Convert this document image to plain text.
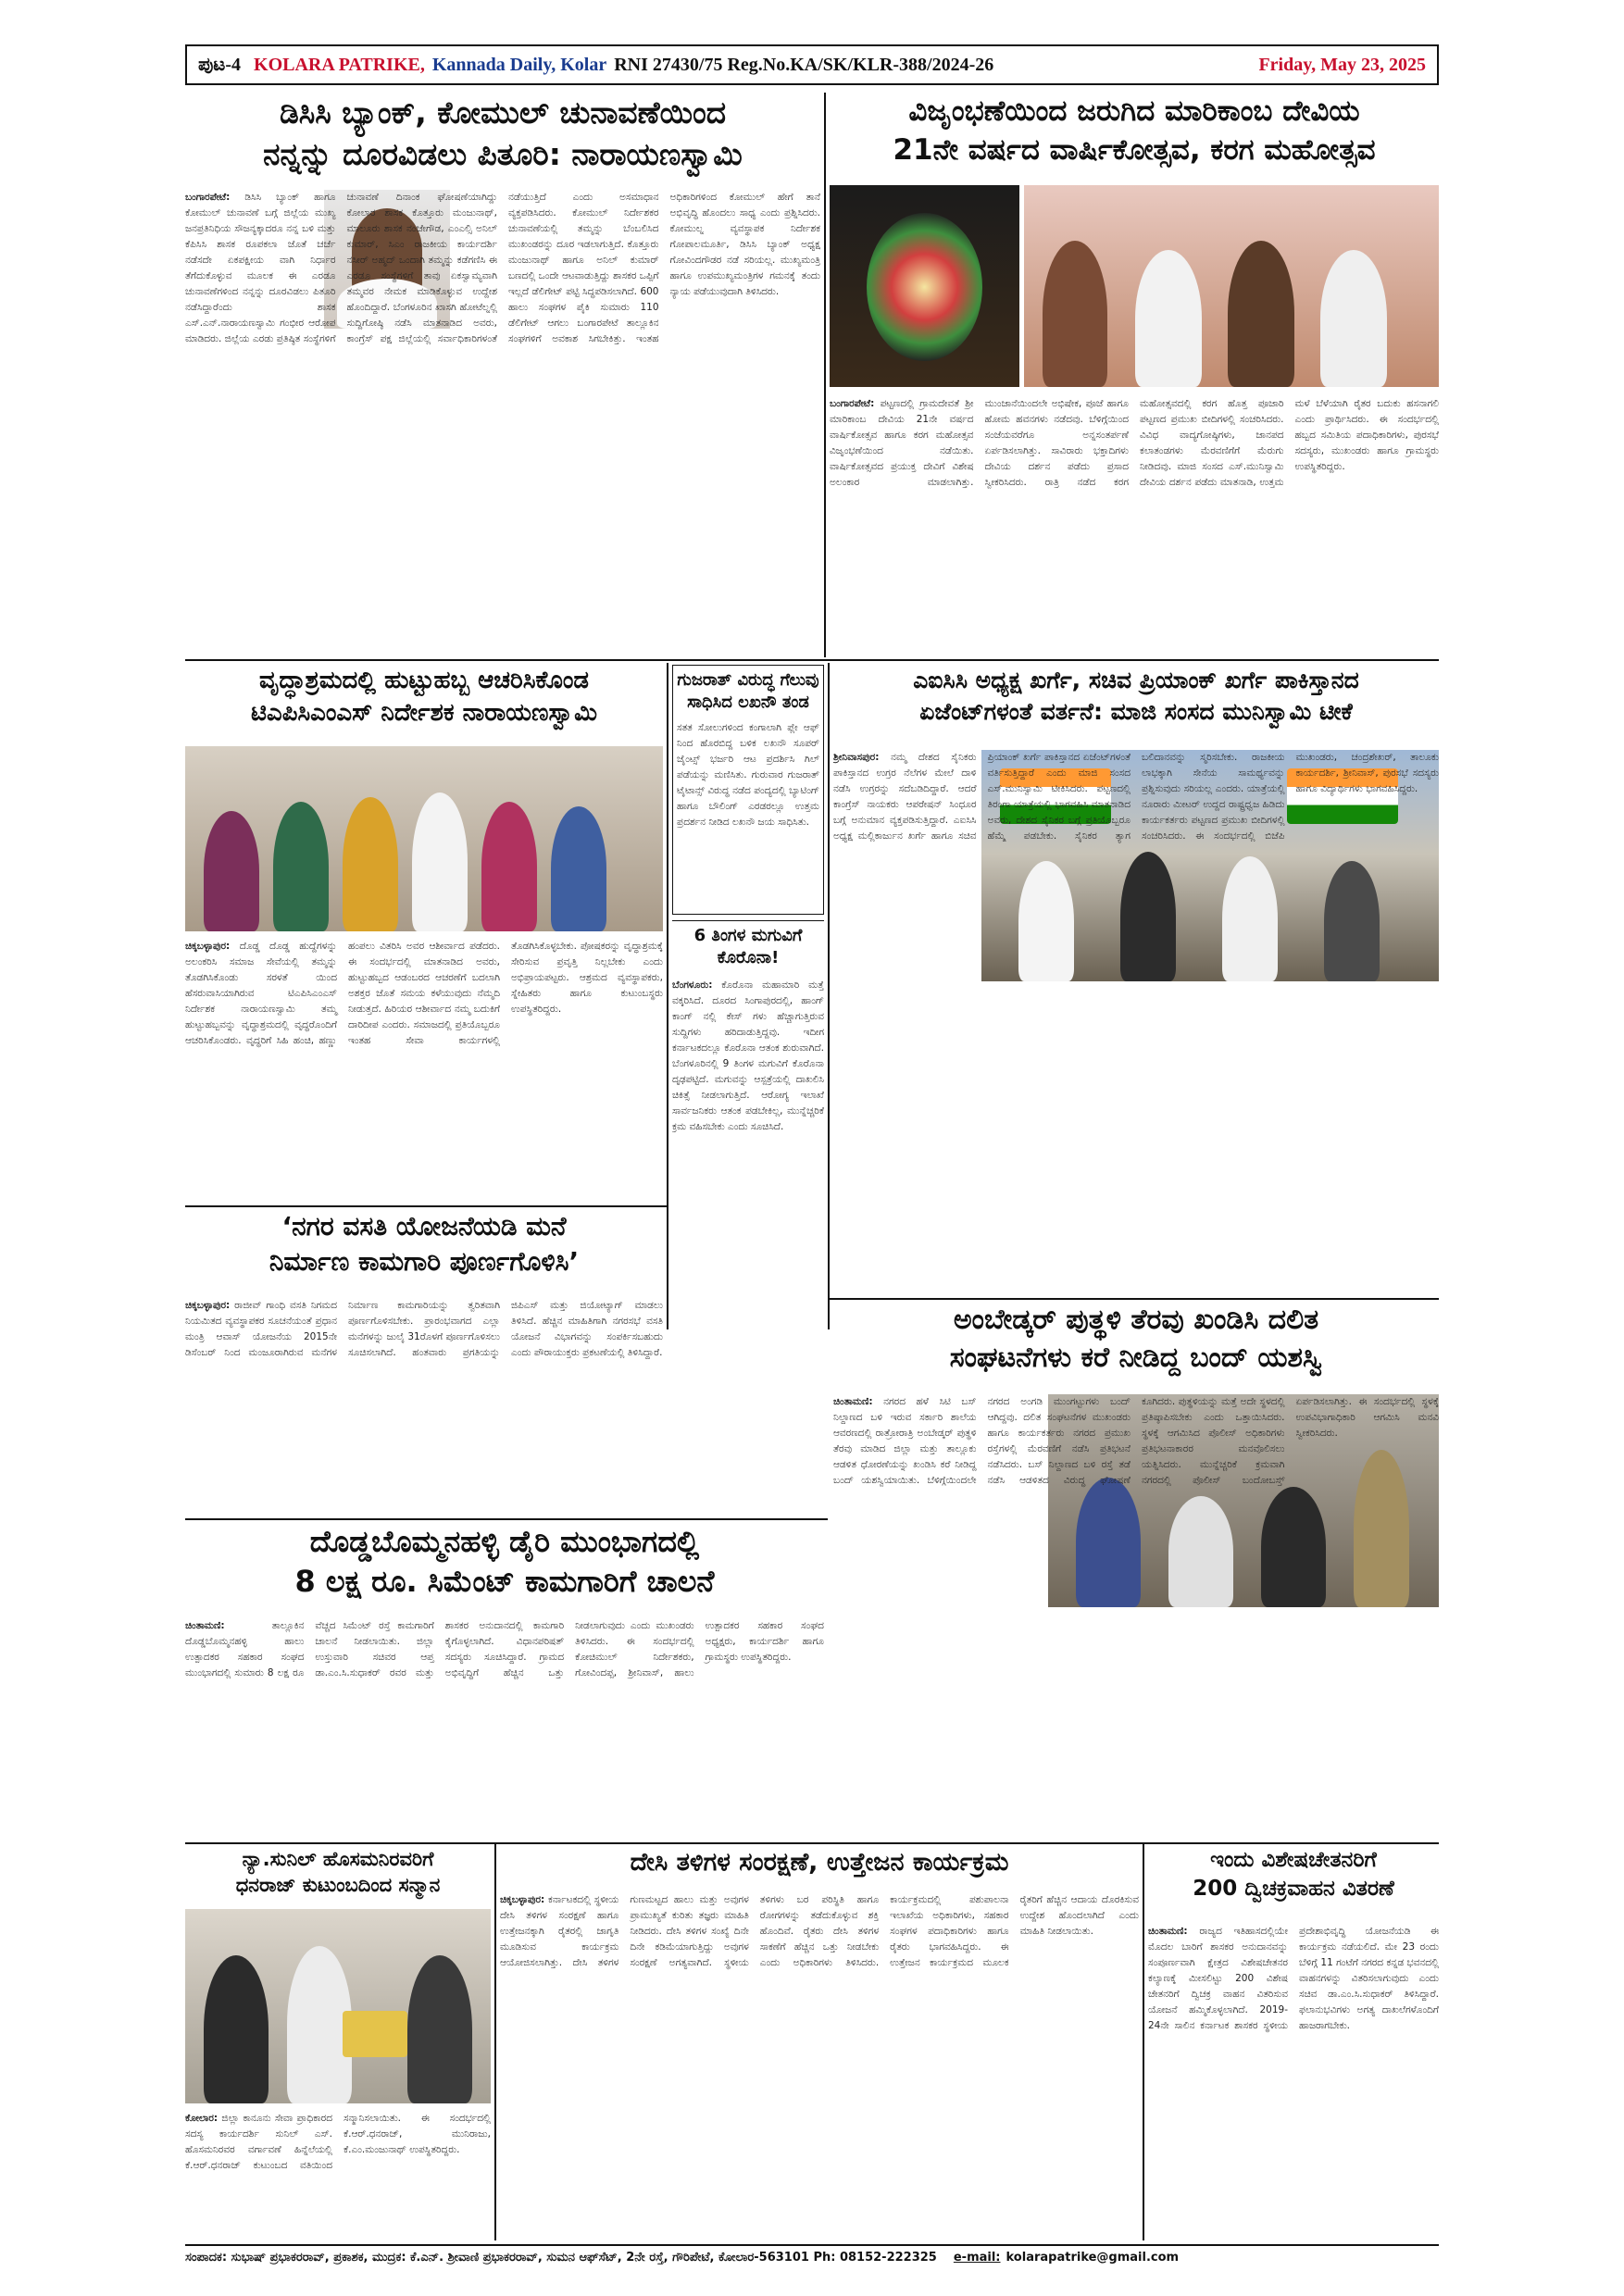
ಪುಟ-4 KOLARA PATRIKE, Kannada Daily, Kolar RNI 27430/75 Reg.No.KA/SK/KLR-388/2024-26	Friday, May 23, 2025
ಡಿಸಿಸಿ ಬ್ಯಾಂಕ್, ಕೋಮುಲ್ ಚುನಾವಣೆಯಿಂದ
ನನ್ನನ್ನು ದೂರವಿಡಲು ಪಿತೂರಿ: ನಾರಾಯಣಸ್ವಾಮಿ
ಬಂಗಾರಪೇಟೆ: ಡಿಸಿಸಿ ಬ್ಯಾಂಕ್ ಹಾಗೂ ಕೋಮುಲ್ ಚುನಾವಣೆ ಬಗ್ಗೆ ಜಿಲ್ಲೆಯ ಮುಖ್ಯ ಜನಪ್ರತಿನಿಧಿಯ ಸೌಜನ್ಯಕ್ಕಾದರೂ ನನ್ನ ಬಳಿ ಮತ್ತು ಕೆಪಿಸಿಸಿ ಶಾಸಕ ರೂಪಕಲಾ ಜೊತೆ ಚರ್ಚೆ ನಡೆಸದೇ ಏಕಪಕ್ಷೀಯ ವಾಗಿ ನಿರ್ಧಾರ ತೆಗೆದುಕೊಳ್ಳುವ ಮೂಲಕ ಈ ಎರಡೂ ಚುನಾವಣೆಗಳಿಂದ ನನ್ನನ್ನು ದೂರವಿಡಲು ಪಿತೂರಿ ನಡೆಸಿದ್ದಾರೆಂದು ಶಾಸಕ ಎಸ್.ಎನ್.ನಾರಾಯಣಸ್ವಾಮಿ ಗಂಭೀರ ಆರೋಪ ಮಾಡಿದರು. ಜಿಲ್ಲೆಯ ಎರಡು ಪ್ರತಿಷ್ಠಿತ ಸಂಸ್ಥೆಗಳಿಗೆ ಚುನಾವಣೆ ದಿನಾಂಕ ಘೋಷಣೆಯಾಗಿದ್ದು ಕೋಲಾರ ಶಾಸಕ ಕೊತ್ತೂರು ಮಂಜುನಾಥ್, ಮಾಲೂರು ಶಾಸಕ ನಂಜೇಗೌಡ, ಎಂಎಲ್ಸಿ ಅನಿಲ್ ಕುಮಾರ್, ಸಿಎಂ ರಾಜಕೀಯ ಕಾರ್ಯದರ್ಶಿ ನಸೀರ್ ಅಹ್ಮದ್ ಒಂದಾಗಿ ತಮ್ಮನ್ನು ಕಡೆಗಣಿಸಿ ಈ ಎರಡೂ ಸಂಸ್ಥೆಗಳಿಗೆ ತಾವು ಏಕಸ್ವಾಮ್ಯವಾಗಿ ತಮ್ಮವರ ನೇಮಕ ಮಾಡಿಕೊಳ್ಳುವ ಉದ್ದೇಶ ಹೊಂದಿದ್ದಾರೆ. ಬೆಂಗಳೂರಿನ ಖಾಸಗಿ ಹೋಟೆಲ್ನಲ್ಲಿ ಸುದ್ದಿಗೋಷ್ಠಿ ನಡೆಸಿ ಮಾತನಾಡಿದ ಅವರು, ಕಾಂಗ್ರೆಸ್ ಪಕ್ಷ ಜಿಲ್ಲೆಯಲ್ಲಿ ಸರ್ವಾಧಿಕಾರಿಗಳಂತೆ ನಡೆಯುತ್ತಿದೆ ಎಂದು ಅಸಮಾಧಾನ ವ್ಯಕ್ತಪಡಿಸಿದರು. ಕೋಮುಲ್ ನಿರ್ದೇಶಕರ ಚುನಾವಣೆಯಲ್ಲಿ ತಮ್ಮನ್ನು ಬೆಂಬಲಿಸಿದ ಮುಖಂಡರನ್ನು ದೂರ ಇಡಲಾಗುತ್ತಿದೆ. ಕೊತ್ತೂರು ಮಂಜುನಾಥ್ ಹಾಗೂ ಅನಿಲ್ ಕುಮಾರ್ ಬಣದಲ್ಲಿ ಒಂದೇ ಆಟವಾಡುತ್ತಿದ್ದು ಶಾಸಕರ ಒಪ್ಪಿಗೆ ಇಲ್ಲದೆ ಡೆಲಿಗೇಟ್ ಪಟ್ಟಿ ಸಿದ್ಧಪಡಿಸಲಾಗಿದೆ. 600 ಹಾಲು ಸಂಘಗಳ ಪೈಕಿ ಸುಮಾರು 110 ಡೆಲಿಗೇಟ್ ಆಗಲು ಬಂಗಾರಪೇಟೆ ತಾಲ್ಲೂಕಿನ ಸಂಘಗಳಿಗೆ ಅವಕಾಶ ಸಿಗಬೇಕಿತ್ತು. ಇಂತಹ ಅಧಿಕಾರಿಗಳಿಂದ ಕೋಮುಲ್ ಹೇಗೆ ತಾನೆ ಅಭಿವೃದ್ಧಿ ಹೊಂದಲು ಸಾಧ್ಯ ಎಂದು ಪ್ರಶ್ನಿಸಿದರು. ಕೋಮುಲ್ನ ವ್ಯವಸ್ಥಾಪಕ ನಿರ್ದೇಶಕ ಗೋಪಾಲಮೂರ್ತಿ, ಡಿಸಿಸಿ ಬ್ಯಾಂಕ್ ಅಧ್ಯಕ್ಷ ಗೋವಿಂದಗೌಡರ ನಡೆ ಸರಿಯಲ್ಲ. ಮುಖ್ಯಮಂತ್ರಿ ಹಾಗೂ ಉಪಮುಖ್ಯಮಂತ್ರಿಗಳ ಗಮನಕ್ಕೆ ತಂದು ನ್ಯಾಯ ಪಡೆಯುವುದಾಗಿ ತಿಳಿಸಿದರು.
ವಿಜೃಂಭಣೆಯಿಂದ ಜರುಗಿದ ಮಾರಿಕಾಂಬ ದೇವಿಯ
21ನೇ ವರ್ಷದ ವಾರ್ಷಿಕೋತ್ಸವ, ಕರಗ ಮಹೋತ್ಸವ
ಬಂಗಾರಪೇಟೆ: ಪಟ್ಟಣದಲ್ಲಿ ಗ್ರಾಮದೇವತೆ ಶ್ರೀ ಮಾರಿಕಾಂಬ ದೇವಿಯ 21ನೇ ವರ್ಷದ ವಾರ್ಷಿಕೋತ್ಸವ ಹಾಗೂ ಕರಗ ಮಹೋತ್ಸವ ವಿಜೃಂಭಣೆಯಿಂದ ನಡೆಯಿತು. ವಾರ್ಷಿಕೋತ್ಸವದ ಪ್ರಯುಕ್ತ ದೇವಿಗೆ ವಿಶೇಷ ಅಲಂಕಾರ ಮಾಡಲಾಗಿತ್ತು. ಮುಂಜಾನೆಯಿಂದಲೇ ಅಭಿಷೇಕ, ಪೂಜೆ ಹಾಗೂ ಹೋಮ ಹವನಗಳು ನಡೆದವು. ಬೆಳಿಗ್ಗೆಯಿಂದ ಸಂಜೆಯವರೆಗೂ ಅನ್ನಸಂತರ್ಪಣೆ ಏರ್ಪಡಿಸಲಾಗಿತ್ತು. ಸಾವಿರಾರು ಭಕ್ತಾದಿಗಳು ದೇವಿಯ ದರ್ಶನ ಪಡೆದು ಪ್ರಸಾದ ಸ್ವೀಕರಿಸಿದರು. ರಾತ್ರಿ ನಡೆದ ಕರಗ ಮಹೋತ್ಸವದಲ್ಲಿ ಕರಗ ಹೊತ್ತ ಪೂಜಾರಿ ಪಟ್ಟಣದ ಪ್ರಮುಖ ಬೀದಿಗಳಲ್ಲಿ ಸಂಚರಿಸಿದರು. ವಿವಿಧ ವಾದ್ಯಗೋಷ್ಠಿಗಳು, ಜಾನಪದ ಕಲಾತಂಡಗಳು ಮೆರವಣಿಗೆಗೆ ಮೆರುಗು ನೀಡಿದವು. ಮಾಜಿ ಸಂಸದ ಎಸ್.ಮುನಿಸ್ವಾಮಿ ದೇವಿಯ ದರ್ಶನ ಪಡೆದು ಮಾತನಾಡಿ, ಉತ್ತಮ ಮಳೆ ಬೆಳೆಯಾಗಿ ರೈತರ ಬದುಕು ಹಸನಾಗಲಿ ಎಂದು ಪ್ರಾರ್ಥಿಸಿದರು. ಈ ಸಂದರ್ಭದಲ್ಲಿ ಹಬ್ಬದ ಸಮಿತಿಯ ಪದಾಧಿಕಾರಿಗಳು, ಪುರಸಭೆ ಸದಸ್ಯರು, ಮುಖಂಡರು ಹಾಗೂ ಗ್ರಾಮಸ್ಥರು ಉಪಸ್ಥಿತರಿದ್ದರು.
ವೃದ್ಧಾಶ್ರಮದಲ್ಲಿ ಹುಟ್ಟುಹಬ್ಬ ಆಚರಿಸಿಕೊಂಡ
ಟಿಎಪಿಸಿಎಂಎಸ್ ನಿರ್ದೇಶಕ ನಾರಾಯಣಸ್ವಾಮಿ
ಚಿಕ್ಕಬಳ್ಳಾಪುರ: ದೊಡ್ಡ ದೊಡ್ಡ ಹುದ್ದೆಗಳನ್ನು ಅಲಂಕರಿಸಿ ಸಮಾಜ ಸೇವೆಯಲ್ಲಿ ತಮ್ಮನ್ನು ತೊಡಗಿಸಿಕೊಂಡು ಸರಳತೆ ಯಿಂದ ಹೆಸರುವಾಸಿಯಾಗಿರುವ ಟಿಎಪಿಸಿಎಂಎಸ್ ನಿರ್ದೇಶಕ ನಾರಾಯಣಸ್ವಾಮಿ ತಮ್ಮ ಹುಟ್ಟುಹಬ್ಬವನ್ನು ವೃದ್ಧಾಶ್ರಮದಲ್ಲಿ ವೃದ್ಧರೊಂದಿಗೆ ಆಚರಿಸಿಕೊಂಡರು. ವೃದ್ಧರಿಗೆ ಸಿಹಿ ಹಂಚಿ, ಹಣ್ಣು ಹಂಪಲು ವಿತರಿಸಿ ಅವರ ಆಶೀರ್ವಾದ ಪಡೆದರು. ಈ ಸಂದರ್ಭದಲ್ಲಿ ಮಾತನಾಡಿದ ಅವರು, ಹುಟ್ಟುಹಬ್ಬದ ಆಡಂಬರದ ಆಚರಣೆಗೆ ಬದಲಾಗಿ ಅಶಕ್ತರ ಜೊತೆ ಸಮಯ ಕಳೆಯುವುದು ನೆಮ್ಮದಿ ನೀಡುತ್ತದೆ. ಹಿರಿಯರ ಆಶೀರ್ವಾದ ನಮ್ಮ ಬದುಕಿಗೆ ದಾರಿದೀಪ ಎಂದರು. ಸಮಾಜದಲ್ಲಿ ಪ್ರತಿಯೊಬ್ಬರೂ ಇಂತಹ ಸೇವಾ ಕಾರ್ಯಗಳಲ್ಲಿ ತೊಡಗಿಸಿಕೊಳ್ಳಬೇಕು. ಪೋಷಕರನ್ನು ವೃದ್ಧಾಶ್ರಮಕ್ಕೆ ಸೇರಿಸುವ ಪ್ರವೃತ್ತಿ ನಿಲ್ಲಬೇಕು ಎಂದು ಅಭಿಪ್ರಾಯಪಟ್ಟರು. ಆಶ್ರಮದ ವ್ಯವಸ್ಥಾಪಕರು, ಸ್ನೇಹಿತರು ಹಾಗೂ ಕುಟುಂಬಸ್ಥರು ಉಪಸ್ಥಿತರಿದ್ದರು.
ಗುಜರಾತ್ ವಿರುದ್ಧ ಗೆಲುವು ಸಾಧಿಸಿದ ಲಖನೌ ತಂಡ
ಸತತ ಸೋಲುಗಳಿಂದ ಕಂಗಾಲಾಗಿ ಪ್ಲೇ ಆಫ್ ನಿಂದ ಹೊರಬಿದ್ದ ಬಳಿಕ ಲಖನೌ ಸೂಪರ್ ಜೈಂಟ್ಸ್ ಭರ್ಜರಿ ಆಟ ಪ್ರದರ್ಶಿಸಿ ಗಿಲ್ ಪಡೆಯನ್ನು ಮಣಿಸಿತು. ಗುರುವಾರ ಗುಜರಾತ್ ಟೈಟಾನ್ಸ್ ವಿರುದ್ಧ ನಡೆದ ಪಂದ್ಯದಲ್ಲಿ ಬ್ಯಾಟಿಂಗ್ ಹಾಗೂ ಬೌಲಿಂಗ್ ಎರಡರಲ್ಲೂ ಉತ್ತಮ ಪ್ರದರ್ಶನ ನೀಡಿದ ಲಖನೌ ಜಯ ಸಾಧಿಸಿತು.
6 ತಿಂಗಳ ಮಗುವಿಗೆ ಕೊರೊನಾ!
ಬೆಂಗಳೂರು: ಕೊರೊನಾ ಮಹಾಮಾರಿ ಮತ್ತೆ ವಕ್ಕರಿಸಿದೆ. ದೂರದ ಸಿಂಗಾಪುರದಲ್ಲಿ, ಹಾಂಗ್ ಕಾಂಗ್ ನಲ್ಲಿ ಕೇಸ್ ಗಳು ಹೆಚ್ಚಾಗುತ್ತಿರುವ ಸುದ್ದಿಗಳು ಹರಿದಾಡುತ್ತಿದ್ದವು. ಇದೀಗ ಕರ್ನಾಟಕದಲ್ಲೂ ಕೊರೊನಾ ಆತಂಕ ಶುರುವಾಗಿದೆ. ಬೆಂಗಳೂರಿನಲ್ಲಿ 9 ತಿಂಗಳ ಮಗುವಿಗೆ ಕೊರೊನಾ ದೃಢಪಟ್ಟಿದೆ. ಮಗುವನ್ನು ಆಸ್ಪತ್ರೆಯಲ್ಲಿ ದಾಖಲಿಸಿ ಚಿಕಿತ್ಸೆ ನೀಡಲಾಗುತ್ತಿದೆ. ಆರೋಗ್ಯ ಇಲಾಖೆ ಸಾರ್ವಜನಿಕರು ಆತಂಕ ಪಡಬೇಕಿಲ್ಲ, ಮುನ್ನೆಚ್ಚರಿಕೆ ಕ್ರಮ ವಹಿಸಬೇಕು ಎಂದು ಸೂಚಿಸಿದೆ.
ಎಐಸಿಸಿ ಅಧ್ಯಕ್ಷ ಖರ್ಗೆ, ಸಚಿವ ಪ್ರಿಯಾಂಕ್ ಖರ್ಗೆ ಪಾಕಿಸ್ತಾನದ
ಏಜೆಂಟ್‌ಗಳಂತೆ ವರ್ತನೆ: ಮಾಜಿ ಸಂಸದ ಮುನಿಸ್ವಾಮಿ ಟೀಕೆ
ಶ್ರೀನಿವಾಸಪುರ: ನಮ್ಮ ದೇಶದ ಸೈನಿಕರು ಪಾಕಿಸ್ತಾನದ ಉಗ್ರರ ನೆಲೆಗಳ ಮೇಲೆ ದಾಳಿ ನಡೆಸಿ ಉಗ್ರರನ್ನು ಸದೆಬಡಿದಿದ್ದಾರೆ. ಆದರೆ ಕಾಂಗ್ರೆಸ್ ನಾಯಕರು ಆಪರೇಷನ್ ಸಿಂಧೂರ ಬಗ್ಗೆ ಅನುಮಾನ ವ್ಯಕ್ತಪಡಿಸುತ್ತಿದ್ದಾರೆ. ಎಐಸಿಸಿ ಅಧ್ಯಕ್ಷ ಮಲ್ಲಿಕಾರ್ಜುನ ಖರ್ಗೆ ಹಾಗೂ ಸಚಿವ ಪ್ರಿಯಾಂಕ್ ಖರ್ಗೆ ಪಾಕಿಸ್ತಾನದ ಏಜೆಂಟ್‌ಗಳಂತೆ ವರ್ತಿಸುತ್ತಿದ್ದಾರೆ ಎಂದು ಮಾಜಿ ಸಂಸದ ಎಸ್.ಮುನಿಸ್ವಾಮಿ ಟೀಕಿಸಿದರು. ಪಟ್ಟಣದಲ್ಲಿ ತಿರಂಗಾ ಯಾತ್ರೆಯಲ್ಲಿ ಭಾಗವಹಿಸಿ ಮಾತನಾಡಿದ ಅವರು, ದೇಶದ ಸೈನಿಕರ ಬಗ್ಗೆ ಪ್ರತಿಯೊಬ್ಬರೂ ಹೆಮ್ಮೆ ಪಡಬೇಕು. ಸೈನಿಕರ ತ್ಯಾಗ ಬಲಿದಾನವನ್ನು ಸ್ಮರಿಸಬೇಕು. ರಾಜಕೀಯ ಲಾಭಕ್ಕಾಗಿ ಸೇನೆಯ ಸಾಮರ್ಥ್ಯವನ್ನು ಪ್ರಶ್ನಿಸುವುದು ಸರಿಯಲ್ಲ ಎಂದರು. ಯಾತ್ರೆಯಲ್ಲಿ ನೂರಾರು ಮೀಟರ್ ಉದ್ದದ ರಾಷ್ಟ್ರಧ್ವಜ ಹಿಡಿದು ಕಾರ್ಯಕರ್ತರು ಪಟ್ಟಣದ ಪ್ರಮುಖ ಬೀದಿಗಳಲ್ಲಿ ಸಂಚರಿಸಿದರು. ಈ ಸಂದರ್ಭದಲ್ಲಿ ಬಿಜೆಪಿ ಮುಖಂಡರು, ಚಂದ್ರಶೇಖರ್, ತಾಲೂಕು ಕಾರ್ಯದರ್ಶಿ, ಶ್ರೀನಿವಾಸ್, ಪುರಸಭೆ ಸದಸ್ಯರು ಹಾಗೂ ವಿದ್ಯಾರ್ಥಿಗಳು ಭಾಗವಹಿಸಿದ್ದರು.
‘ನಗರ ವಸತಿ ಯೋಜನೆಯಡಿ ಮನೆ
ನಿರ್ಮಾಣ ಕಾಮಗಾರಿ ಪೂರ್ಣಗೊಳಿಸಿ’
ಚಿಕ್ಕಬಳ್ಳಾಪುರ: ರಾಜೀವ್ ಗಾಂಧಿ ವಸತಿ ನಿಗಮದ ನಿಯಮಿತದ ವ್ಯವಸ್ಥಾಪಕರ ಸೂಚನೆಯಂತೆ ಪ್ರಧಾನ ಮಂತ್ರಿ ಆವಾಸ್ ಯೋಜನೆಯ 2015ನೇ ಡಿಸೆಂಬರ್ ನಿಂದ ಮಂಜೂರಾಗಿರುವ ಮನೆಗಳ ನಿರ್ಮಾಣ ಕಾಮಗಾರಿಯನ್ನು ತ್ವರಿತವಾಗಿ ಪೂರ್ಣಗೊಳಿಸಬೇಕು. ಪ್ರಾರಂಭವಾಗದ ಎಲ್ಲಾ ಮನೆಗಳನ್ನು ಜುಲೈ 31ರೊಳಗೆ ಪೂರ್ಣಗೊಳಿಸಲು ಸೂಚಿಸಲಾಗಿದೆ. ಹಂತವಾರು ಪ್ರಗತಿಯನ್ನು ಜಿಪಿಎಸ್ ಮತ್ತು ಜಿಯೋಟ್ಯಾಗ್ ಮಾಡಲು ತಿಳಿಸಿದೆ. ಹೆಚ್ಚಿನ ಮಾಹಿತಿಗಾಗಿ ನಗರಸಭೆ ವಸತಿ ಯೋಜನೆ ವಿಭಾಗವನ್ನು ಸಂಪರ್ಕಿಸಬಹುದು ಎಂದು ಪೌರಾಯುಕ್ತರು ಪ್ರಕಟಣೆಯಲ್ಲಿ ತಿಳಿಸಿದ್ದಾರೆ.
ಅಂಬೇಡ್ಕರ್ ಪುತ್ಥಳಿ ತೆರವು ಖಂಡಿಸಿ ದಲಿತ
ಸಂಘಟನೆಗಳು ಕರೆ ನೀಡಿದ್ದ ಬಂದ್ ಯಶಸ್ವಿ
ಚಿಂತಾಮಣಿ: ನಗರದ ಹಳೆ ಸಿಟಿ ಬಸ್ ನಿಲ್ದಾಣದ ಬಳಿ ಇರುವ ಸರ್ಕಾರಿ ಶಾಲೆಯ ಆವರಣದಲ್ಲಿ ರಾತ್ರೋರಾತ್ರಿ ಅಂಬೇಡ್ಕರ್ ಪುತ್ಥಳಿ ತೆರವು ಮಾಡಿದ ಜಿಲ್ಲಾ ಮತ್ತು ತಾಲ್ಲೂಕು ಆಡಳಿತ ಧೋರಣೆಯನ್ನು ಖಂಡಿಸಿ ಕರೆ ನೀಡಿದ್ದ ಬಂದ್ ಯಶಸ್ವಿಯಾಯಿತು. ಬೆಳಿಗ್ಗೆಯಿಂದಲೇ ನಗರದ ಅಂಗಡಿ ಮುಂಗಟ್ಟುಗಳು ಬಂದ್ ಆಗಿದ್ದವು. ದಲಿತ ಸಂಘಟನೆಗಳ ಮುಖಂಡರು ಹಾಗೂ ಕಾರ್ಯಕರ್ತರು ನಗರದ ಪ್ರಮುಖ ರಸ್ತೆಗಳಲ್ಲಿ ಮೆರವಣಿಗೆ ನಡೆಸಿ ಪ್ರತಿಭಟನೆ ನಡೆಸಿದರು. ಬಸ್ ನಿಲ್ದಾಣದ ಬಳಿ ರಸ್ತೆ ತಡೆ ನಡೆಸಿ ಆಡಳಿತದ ವಿರುದ್ಧ ಘೋಷಣೆ ಕೂಗಿದರು. ಪುತ್ಥಳಿಯನ್ನು ಮತ್ತೆ ಅದೇ ಸ್ಥಳದಲ್ಲಿ ಪ್ರತಿಷ್ಠಾಪಿಸಬೇಕು ಎಂದು ಒತ್ತಾಯಿಸಿದರು. ಸ್ಥಳಕ್ಕೆ ಆಗಮಿಸಿದ ಪೊಲೀಸ್ ಅಧಿಕಾರಿಗಳು ಪ್ರತಿಭಟನಾಕಾರರ ಮನವೊಲಿಸಲು ಯತ್ನಿಸಿದರು. ಮುನ್ನೆಚ್ಚರಿಕೆ ಕ್ರಮವಾಗಿ ನಗರದಲ್ಲಿ ಪೊಲೀಸ್ ಬಂದೋಬಸ್ತ್ ಏರ್ಪಡಿಸಲಾಗಿತ್ತು. ಈ ಸಂದರ್ಭದಲ್ಲಿ ಸ್ಥಳಕ್ಕೆ ಉಪವಿಭಾಗಾಧಿಕಾರಿ ಆಗಮಿಸಿ ಮನವಿ ಸ್ವೀಕರಿಸಿದರು.
ದೊಡ್ಡಬೊಮ್ಮನಹಳ್ಳಿ ಡೈರಿ ಮುಂಭಾಗದಲ್ಲಿ
8 ಲಕ್ಷ ರೂ. ಸಿಮೆಂಟ್ ಕಾಮಗಾರಿಗೆ ಚಾಲನೆ
ಚಿಂತಾಮಣಿ:	ತಾಲ್ಲೂಕಿನ ದೊಡ್ಡಬೊಮ್ಮನಹಳ್ಳಿ ಹಾಲು ಉತ್ಪಾದಕರ ಸಹಕಾರ ಸಂಘದ ಮುಂಭಾಗದಲ್ಲಿ ಸುಮಾರು 8 ಲಕ್ಷ ರೂ ವೆಚ್ಚದ ಸಿಮೆಂಟ್ ರಸ್ತೆ ಕಾಮಗಾರಿಗೆ ಚಾಲನೆ ನೀಡಲಾಯಿತು. ಜಿಲ್ಲಾ ಉಸ್ತುವಾರಿ ಸಚಿವರ ಆಪ್ತ ಡಾ.ಎಂ.ಸಿ.ಸುಧಾಕರ್ ರವರ ಮತ್ತು ಶಾಸಕರ ಅನುದಾನದಲ್ಲಿ ಕಾಮಗಾರಿ ಕೈಗೊಳ್ಳಲಾಗಿದೆ. ವಿಧಾನಪರಿಷತ್ ಸದಸ್ಯರು ಸೂಚಿಸಿದ್ದಾರೆ. ಗ್ರಾಮದ ಅಭಿವೃದ್ಧಿಗೆ ಹೆಚ್ಚಿನ ಒತ್ತು ನೀಡಲಾಗುವುದು ಎಂದು ಮುಖಂಡರು ತಿಳಿಸಿದರು. ಈ ಸಂದರ್ಭದಲ್ಲಿ ಕೋಚಿಮುಲ್ ನಿರ್ದೇಶಕರು, ಗೋವಿಂದಪ್ಪ, ಶ್ರೀನಿವಾಸ್, ಹಾಲು ಉತ್ಪಾದಕರ ಸಹಕಾರ ಸಂಘದ ಅಧ್ಯಕ್ಷರು, ಕಾರ್ಯದರ್ಶಿ ಹಾಗೂ ಗ್ರಾಮಸ್ಥರು ಉಪಸ್ಥಿತರಿದ್ದರು.
ನ್ಯಾ.ಸುನಿಲ್ ಹೊಸಮನಿರವರಿಗೆ
ಧನರಾಜ್ ಕುಟುಂಬದಿಂದ ಸನ್ಮಾನ
ಕೋಲಾರ: ಜಿಲ್ಲಾ ಕಾನೂನು ಸೇವಾ ಪ್ರಾಧಿಕಾರದ ಸದಸ್ಯ ಕಾರ್ಯದರ್ಶಿ ಸುನಿಲ್ ಎಸ್. ಹೊಸಮನಿರವರ ವರ್ಗಾವಣೆ ಹಿನ್ನೆಲೆಯಲ್ಲಿ ಕೆ.ಆರ್.ಧನರಾಜ್ ಕುಟುಂಬದ ವತಿಯಿಂದ ಸನ್ಮಾನಿಸಲಾಯಿತು. ಈ ಸಂದರ್ಭದಲ್ಲಿ ಕೆ.ಆರ್.ಧನರಾಜ್, ಮುನಿರಾಜು, ಕೆ.ಎಂ.ಮಂಜುನಾಥ್ ಉಪಸ್ಥಿತರಿದ್ದರು.
ದೇಸಿ ತಳಿಗಳ ಸಂರಕ್ಷಣೆ, ಉತ್ತೇಜನ ಕಾರ್ಯಕ್ರಮ
ಚಿಕ್ಕಬಳ್ಳಾಪುರ: ಕರ್ನಾಟಕದಲ್ಲಿ ಸ್ಥಳೀಯ ದೇಸಿ ತಳಿಗಳ ಸಂರಕ್ಷಣೆ ಹಾಗೂ ಉತ್ತೇಜನಕ್ಕಾಗಿ ರೈತರಲ್ಲಿ ಜಾಗೃತಿ ಮೂಡಿಸುವ ಕಾರ್ಯಕ್ರಮ ಆಯೋಜಿಸಲಾಗಿತ್ತು. ದೇಸಿ ತಳಿಗಳ ಗುಣಮಟ್ಟದ ಹಾಲು ಮತ್ತು ಅವುಗಳ ಪ್ರಾಮುಖ್ಯತೆ ಕುರಿತು ತಜ್ಞರು ಮಾಹಿತಿ ನೀಡಿದರು. ದೇಸಿ ತಳಿಗಳ ಸಂಖ್ಯೆ ದಿನೇ ದಿನೇ ಕಡಿಮೆಯಾಗುತ್ತಿದ್ದು ಅವುಗಳ ಸಂರಕ್ಷಣೆ ಅಗತ್ಯವಾಗಿದೆ. ಸ್ಥಳೀಯ ತಳಿಗಳು ಬರ ಪರಿಸ್ಥಿತಿ ಹಾಗೂ ರೋಗಗಳನ್ನು ತಡೆದುಕೊಳ್ಳುವ ಶಕ್ತಿ ಹೊಂದಿವೆ. ರೈತರು ದೇಸಿ ತಳಿಗಳ ಸಾಕಣೆಗೆ ಹೆಚ್ಚಿನ ಒತ್ತು ನೀಡಬೇಕು ಎಂದು ಅಧಿಕಾರಿಗಳು ತಿಳಿಸಿದರು. ಕಾರ್ಯಕ್ರಮದಲ್ಲಿ ಪಶುಪಾಲನಾ ಇಲಾಖೆಯ ಅಧಿಕಾರಿಗಳು, ಸಹಕಾರ ಸಂಘಗಳ ಪದಾಧಿಕಾರಿಗಳು ಹಾಗೂ ರೈತರು ಭಾಗವಹಿಸಿದ್ದರು. ಈ ಉತ್ತೇಜನ ಕಾರ್ಯಕ್ರಮದ ಮೂಲಕ ರೈತರಿಗೆ ಹೆಚ್ಚಿನ ಆದಾಯ ದೊರಕಿಸುವ ಉದ್ದೇಶ ಹೊಂದಲಾಗಿದೆ ಎಂದು ಮಾಹಿತಿ ನೀಡಲಾಯಿತು.
ಇಂದು ವಿಶೇಷಚೇತನರಿಗೆ
200 ದ್ವಿಚಕ್ರವಾಹನ ವಿತರಣೆ
ಚಿಂತಾಮಣಿ: ರಾಜ್ಯದ ಇತಿಹಾಸದಲ್ಲಿಯೇ ಮೊದಲ ಬಾರಿಗೆ ಶಾಸಕರ ಅನುದಾನವನ್ನು ಸಂಪೂರ್ಣವಾಗಿ ಕ್ಷೇತ್ರದ ವಿಶೇಷಚೇತನರ ಕಲ್ಯಾಣಕ್ಕೆ ಮೀಸಲಿಟ್ಟು 200 ವಿಶೇಷ ಚೇತನರಿಗೆ ದ್ವಿಚಕ್ರ ವಾಹನ ವಿತರಿಸುವ ಯೋಜನೆ ಹಮ್ಮಿಕೊಳ್ಳಲಾಗಿದೆ. 2019-24ನೇ ಸಾಲಿನ ಕರ್ನಾಟಕ ಶಾಸಕರ ಸ್ಥಳೀಯ ಪ್ರದೇಶಾಭಿವೃದ್ಧಿ ಯೋಜನೆಯಡಿ ಈ ಕಾರ್ಯಕ್ರಮ ನಡೆಯಲಿದೆ. ಮೇ 23 ರಂದು ಬೆಳಿಗ್ಗೆ 11 ಗಂಟೆಗೆ ನಗರದ ಕನ್ನಡ ಭವನದಲ್ಲಿ ವಾಹನಗಳನ್ನು ವಿತರಿಸಲಾಗುವುದು ಎಂದು ಸಚಿವ ಡಾ.ಎಂ.ಸಿ.ಸುಧಾಕರ್ ತಿಳಿಸಿದ್ದಾರೆ. ಫಲಾನುಭವಿಗಳು ಅಗತ್ಯ ದಾಖಲೆಗಳೊಂದಿಗೆ ಹಾಜರಾಗಬೇಕು.
ಸಂಪಾದಕ: ಸುಭಾಷ್ ಪ್ರಭಾಕರರಾವ್, ಪ್ರಕಾಶಕ, ಮುದ್ರಕ: ಕೆ.ಎನ್. ಶ್ರೀವಾಣಿ ಪ್ರಭಾಕರರಾವ್, ಸುಮನ ಆಫ್‌ಸೆಟ್, 2ನೇ ರಸ್ತೆ, ಗೌರಿಪೇಟೆ, ಕೋಲಾರ-563101 Ph: 08152-222325 e-mail: kolarapatrike@gmail.com
